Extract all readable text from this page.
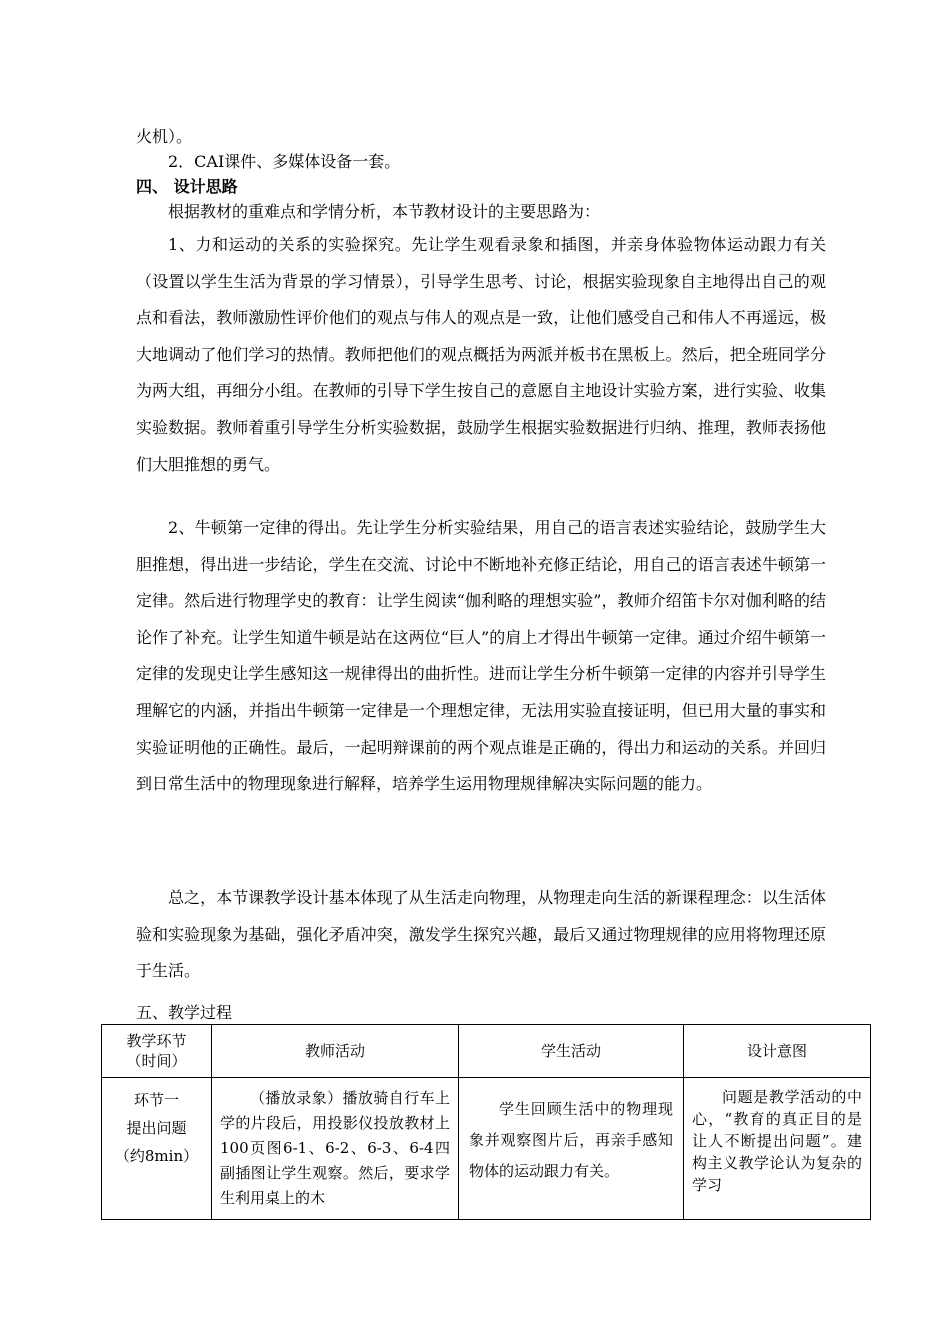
火机）。

2．CAI课件、多媒体设备一套。

四、 设计思路

根据教材的重难点和学情分析，本节教材设计的主要思路为：

1、力和运动的关系的实验探究。先让学生观看录象和插图，并亲身体验物体运动跟力有关（设置以学生生活为背景的学习情景），引导学生思考、讨论，根据实验现象自主地得出自己的观点和看法，教师激励性评价他们的观点与伟人的观点是一致，让他们感受自己和伟人不再遥远，极大地调动了他们学习的热情。教师把他们的观点概括为两派并板书在黑板上。然后，把全班同学分为两大组，再细分小组。在教师的引导下学生按自己的意愿自主地设计实验方案，进行实验、收集实验数据。教师着重引导学生分析实验数据，鼓励学生根据实验数据进行归纳、推理，教师表扬他们大胆推想的勇气。

2、牛顿第一定律的得出。先让学生分析实验结果，用自己的语言表述实验结论，鼓励学生大胆推想，得出进一步结论，学生在交流、讨论中不断地补充修正结论，用自己的语言表述牛顿第一定律。然后进行物理学史的教育：让学生阅读“伽利略的理想实验”，教师介绍笛卡尔对伽利略的结论作了补充。让学生知道牛顿是站在这两位“巨人”的肩上才得出牛顿第一定律。通过介绍牛顿第一定律的发现史让学生感知这一规律得出的曲折性。进而让学生分析牛顿第一定律的内容并引导学生理解它的内涵，并指出牛顿第一定律是一个理想定律，无法用实验直接证明，但已用大量的事实和实验证明他的正确性。最后，一起明辩课前的两个观点谁是正确的，得出力和运动的关系。并回归到日常生活中的物理现象进行解释，培养学生运用物理规律解决实际问题的能力。

总之，本节课教学设计基本体现了从生活走向物理，从物理走向生活的新课程理念：以生活体验和实验现象为基础，强化矛盾冲突，激发学生探究兴趣，最后又通过物理规律的应用将物理还原于生活。

五、教学过程

教学环节
（时间）	教师活动	学生活动	设计意图
环节一
提出问题
（约8min）	（播放录象）播放骑自行车上学的片段后，用投影仪投放教材上100页图6-1、6-2、6-3、6-4四副插图让学生观察。然后，要求学生利用桌上的木	学生回顾生活中的物理现象并观察图片后，再亲手感知物体的运动跟力有关。	问题是教学活动的中心，“教育的真正目的是让人不断提出问题”。建构主义教学论认为复杂的学习
